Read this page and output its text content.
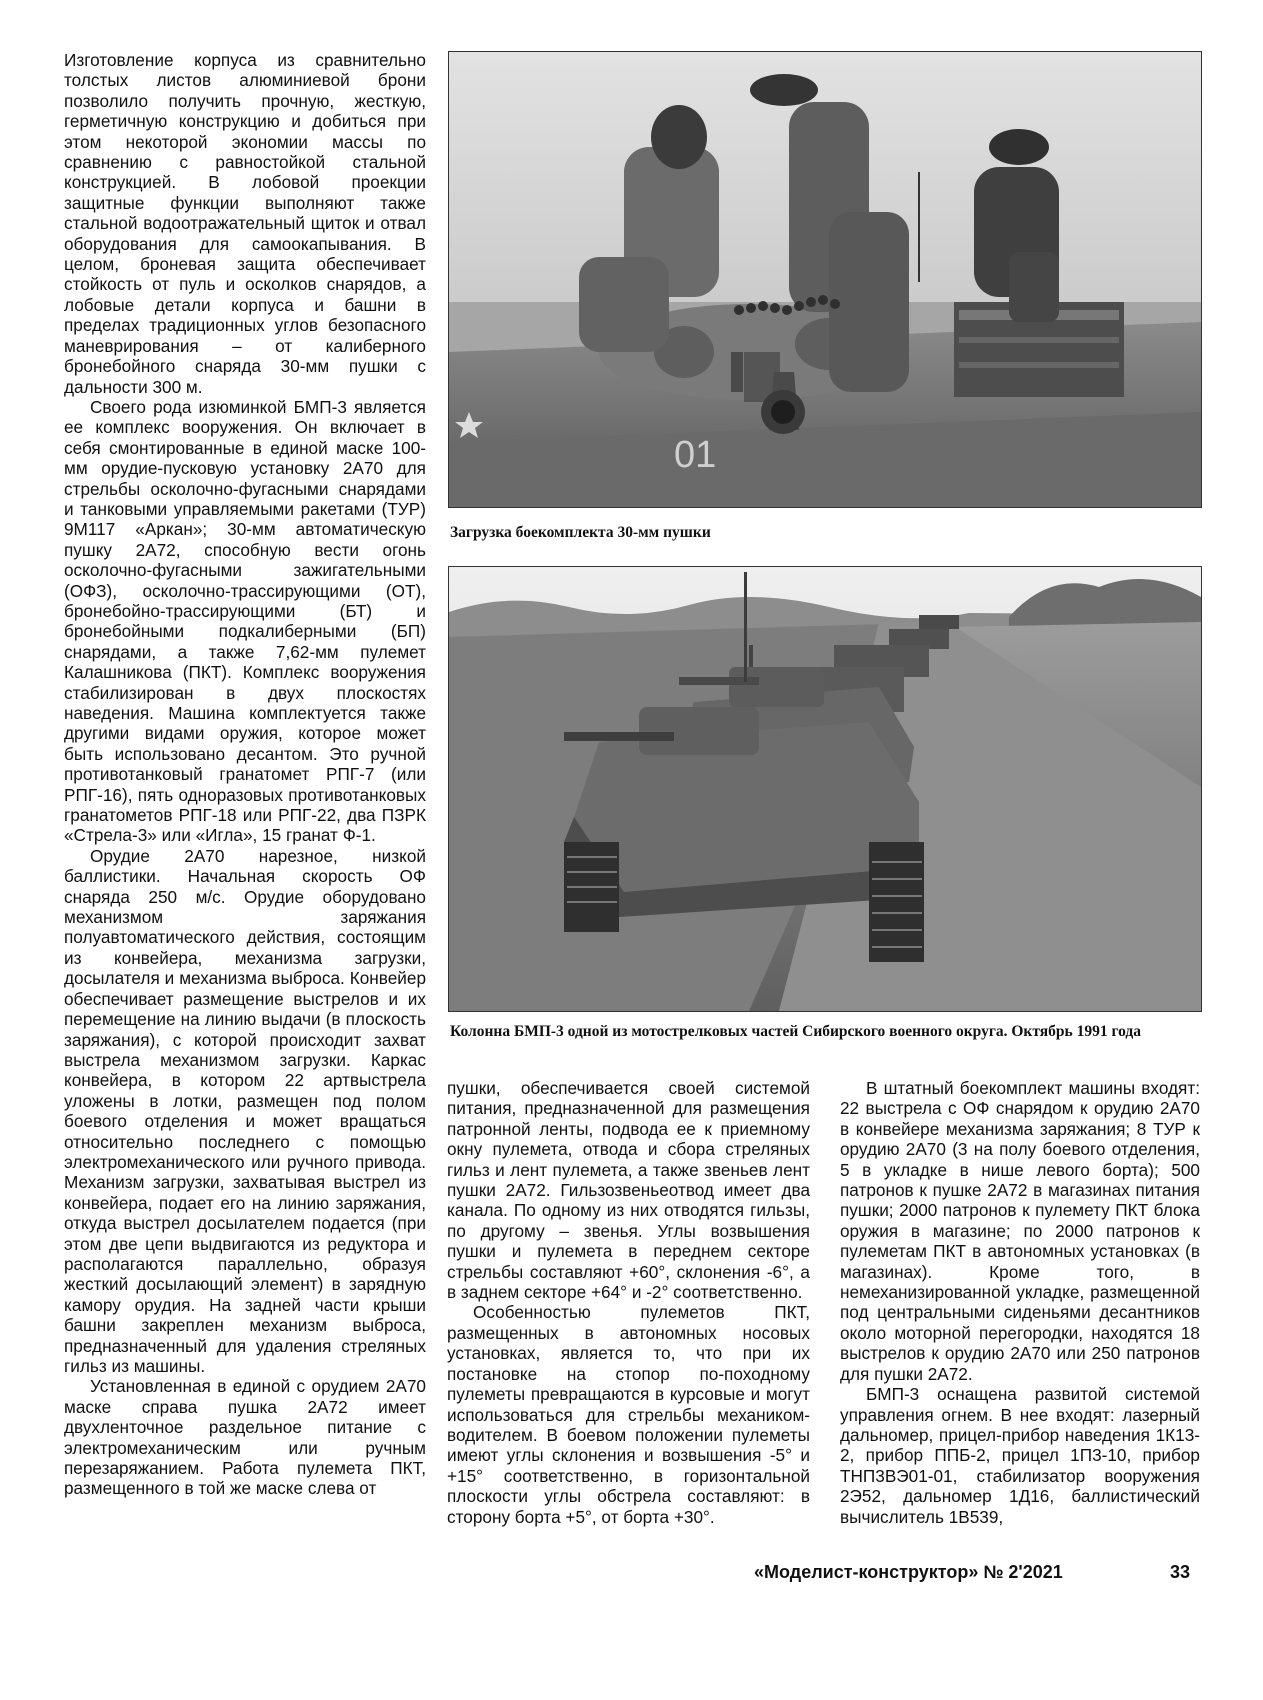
Изготовление корпуса из сравнительно толстых листов алюминиевой брони позволило получить прочную, жесткую, герметичную конструкцию и добиться при этом некоторой экономии массы по сравнению с равностойкой стальной конструкцией. В лобовой проекции защитные функции выполняют также стальной водоотражательный щиток и отвал оборудования для самоокапывания. В целом, броневая защита обеспечивает стойкость от пуль и осколков снарядов, а лобовые детали корпуса и башни в пределах традиционных углов безопасного маневрирования – от калиберного бронебойного снаряда 30-мм пушки с дальности 300 м.

Своего рода изюминкой БМП-3 является ее комплекс вооружения. Он включает в себя смонтированные в единой маске 100-мм орудие-пусковую установку 2А70 для стрельбы осколочно-фугасными снарядами и танковыми управляемыми ракетами (ТУР) 9М117 «Аркан»; 30-мм автоматическую пушку 2А72, способную вести огонь осколочно-фугасными зажигательными (ОФЗ), осколочно-трассирующими (ОТ), бронебойно-трассирующими (БТ) и бронебойными подкалиберными (БП) снарядами, а также 7,62-мм пулемет Калашникова (ПКТ). Комплекс вооружения стабилизирован в двух плоскостях наведения. Машина комплектуется также другими видами оружия, которое может быть использовано десантом. Это ручной противотанковый гранатомет РПГ-7 (или РПГ-16), пять одноразовых противотанковых гранатометов РПГ-18 или РПГ-22, два ПЗРК «Стрела-3» или «Игла», 15 гранат Ф-1.

Орудие 2А70 нарезное, низкой баллистики. Начальная скорость ОФ снаряда 250 м/с. Орудие оборудовано механизмом заряжания полуавтоматического действия, состоящим из конвейера, механизма загрузки, досылателя и механизма выброса. Конвейер обеспечивает размещение выстрелов и их перемещение на линию выдачи (в плоскость заряжания), с которой происходит захват выстрела механизмом загрузки. Каркас конвейера, в котором 22 артвыстрела уложены в лотки, размещен под полом боевого отделения и может вращаться относительно последнего с помощью электромеханического или ручного привода. Механизм загрузки, захватывая выстрел из конвейера, подает его на линию заряжания, откуда выстрел досылателем подается (при этом две цепи выдвигаются из редуктора и располагаются параллельно, образуя жесткий досылающий элемент) в зарядную камору орудия. На задней части крыши башни закреплен механизм выброса, предназначенный для удаления стреляных гильз из машины.

Установленная в единой с орудием 2А70 маске справа пушка 2А72 имеет двухленточное раздельное питание с электромеханическим или ручным перезаряжанием. Работа пулемета ПКТ, размещенного в той же маске слева от

01
Загрузка боекомплекта 30-мм пушки
Колонна БМП-3 одной из мотострелковых частей Сибирского военного округа. Октябрь 1991 года

пушки, обеспечивается своей системой питания, предназначенной для размещения патронной ленты, подвода ее к приемному окну пулемета, отвода и сбора стреляных гильз и лент пулемета, а также звеньев лент пушки 2А72. Гильзозвеньеотвод имеет два канала. По одному из них отводятся гильзы, по другому – звенья. Углы возвышения пушки и пулемета в переднем секторе стрельбы составляют +60°, склонения -6°, а в заднем секторе +64° и -2° соответственно.

Особенностью пулеметов ПКТ, размещенных в автономных носовых установках, является то, что при их постановке на стопор по-походному пулеметы превращаются в курсовые и могут использоваться для стрельбы механиком-водителем. В боевом положении пулеметы имеют углы склонения и возвышения -5° и +15° соответственно, в горизонтальной плоскости углы обстрела составляют: в сторону борта +5°, от борта +30°.

В штатный боекомплект машины входят: 22 выстрела с ОФ снарядом к орудию 2А70 в конвейере механизма заряжания; 8 ТУР к орудию 2А70 (3 на полу боевого отделения, 5 в укладке в нише левого борта); 500 патронов к пушке 2А72 в магазинах питания пушки; 2000 патронов к пулемету ПКТ блока оружия в магазине; по 2000 патронов к пулеметам ПКТ в автономных установках (в магазинах). Кроме того, в немеханизированной укладке, размещенной под центральными сиденьями десантников около моторной перегородки, находятся 18 выстрелов к орудию 2А70 или 250 патронов для пушки 2А72.

БМП-3 оснащена развитой системой управления огнем. В нее входят: лазерный дальномер, прицел-прибор наведения 1К13-2, прибор ППБ-2, прицел 1П3-10, прибор ТНП3ВЭ01-01, стабилизатор вооружения 2Э52, дальномер 1Д16, баллистический вычислитель 1В539,

«Моделист-конструктор» № 2'2021	33
